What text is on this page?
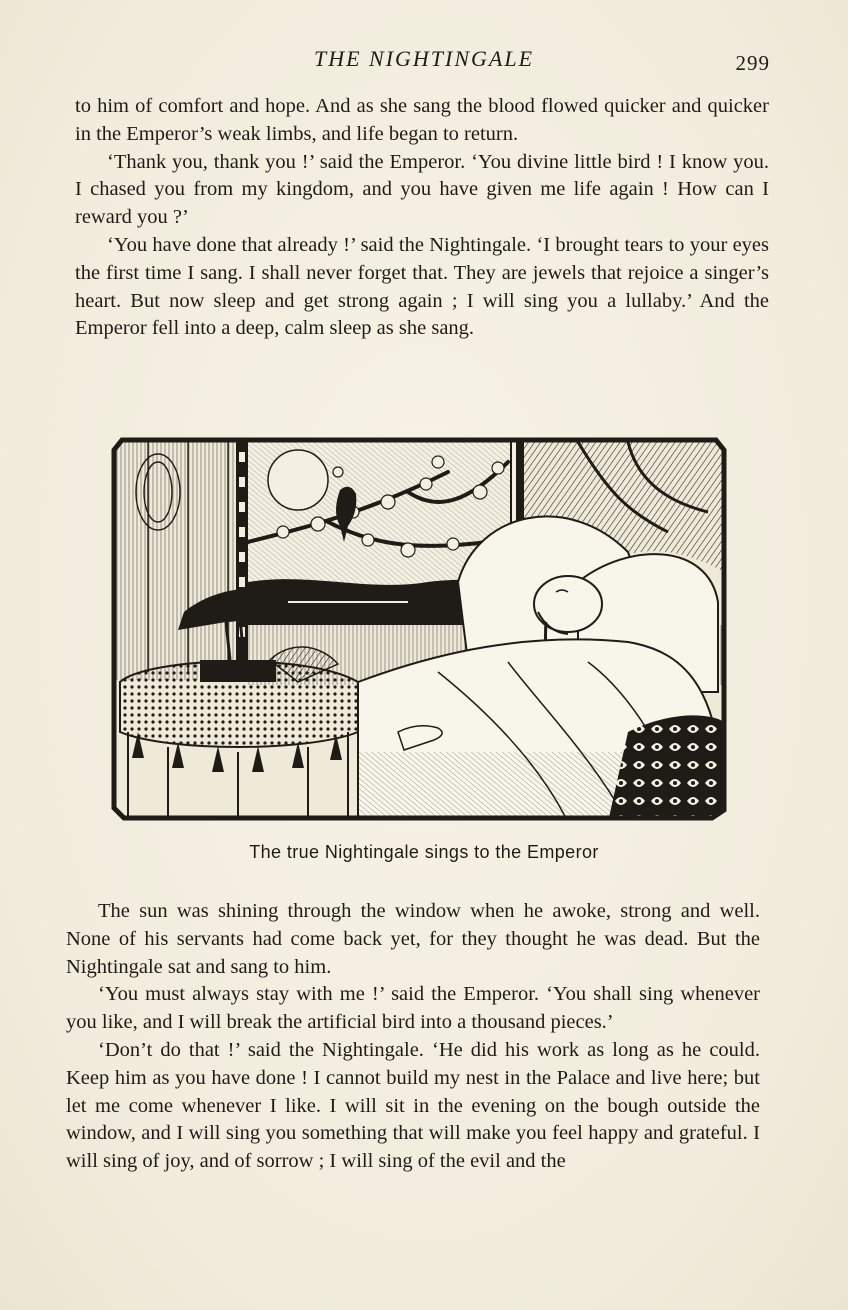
THE NIGHTINGALE	299

to him of comfort and hope. And as she sang the blood flowed quicker and quicker in the Emperor’s weak limbs, and life began to return.

‘Thank you, thank you !’ said the Emperor. ‘You divine little bird ! I know you. I chased you from my kingdom, and you have given me life again ! How can I reward you ?’

‘You have done that already !’ said the Nightingale. ‘I brought tears to your eyes the first time I sang. I shall never forget that. They are jewels that rejoice a singer’s heart. But now sleep and get strong again ; I will sing you a lullaby.’ And the Emperor fell into a deep, calm sleep as she sang.

The true Nightingale sings to the Emperor

The sun was shining through the window when he awoke, strong and well. None of his servants had come back yet, for they thought he was dead. But the Nightingale sat and sang to him.

‘You must always stay with me !’ said the Emperor. ‘You shall sing whenever you like, and I will break the artificial bird into a thousand pieces.’

‘Don’t do that !’ said the Nightingale. ‘He did his work as long as he could. Keep him as you have done ! I cannot build my nest in the Palace and live here; but let me come whenever I like. I will sit in the evening on the bough outside the window, and I will sing you something that will make you feel happy and grateful. I will sing of joy, and of sorrow ; I will sing of the evil and the
